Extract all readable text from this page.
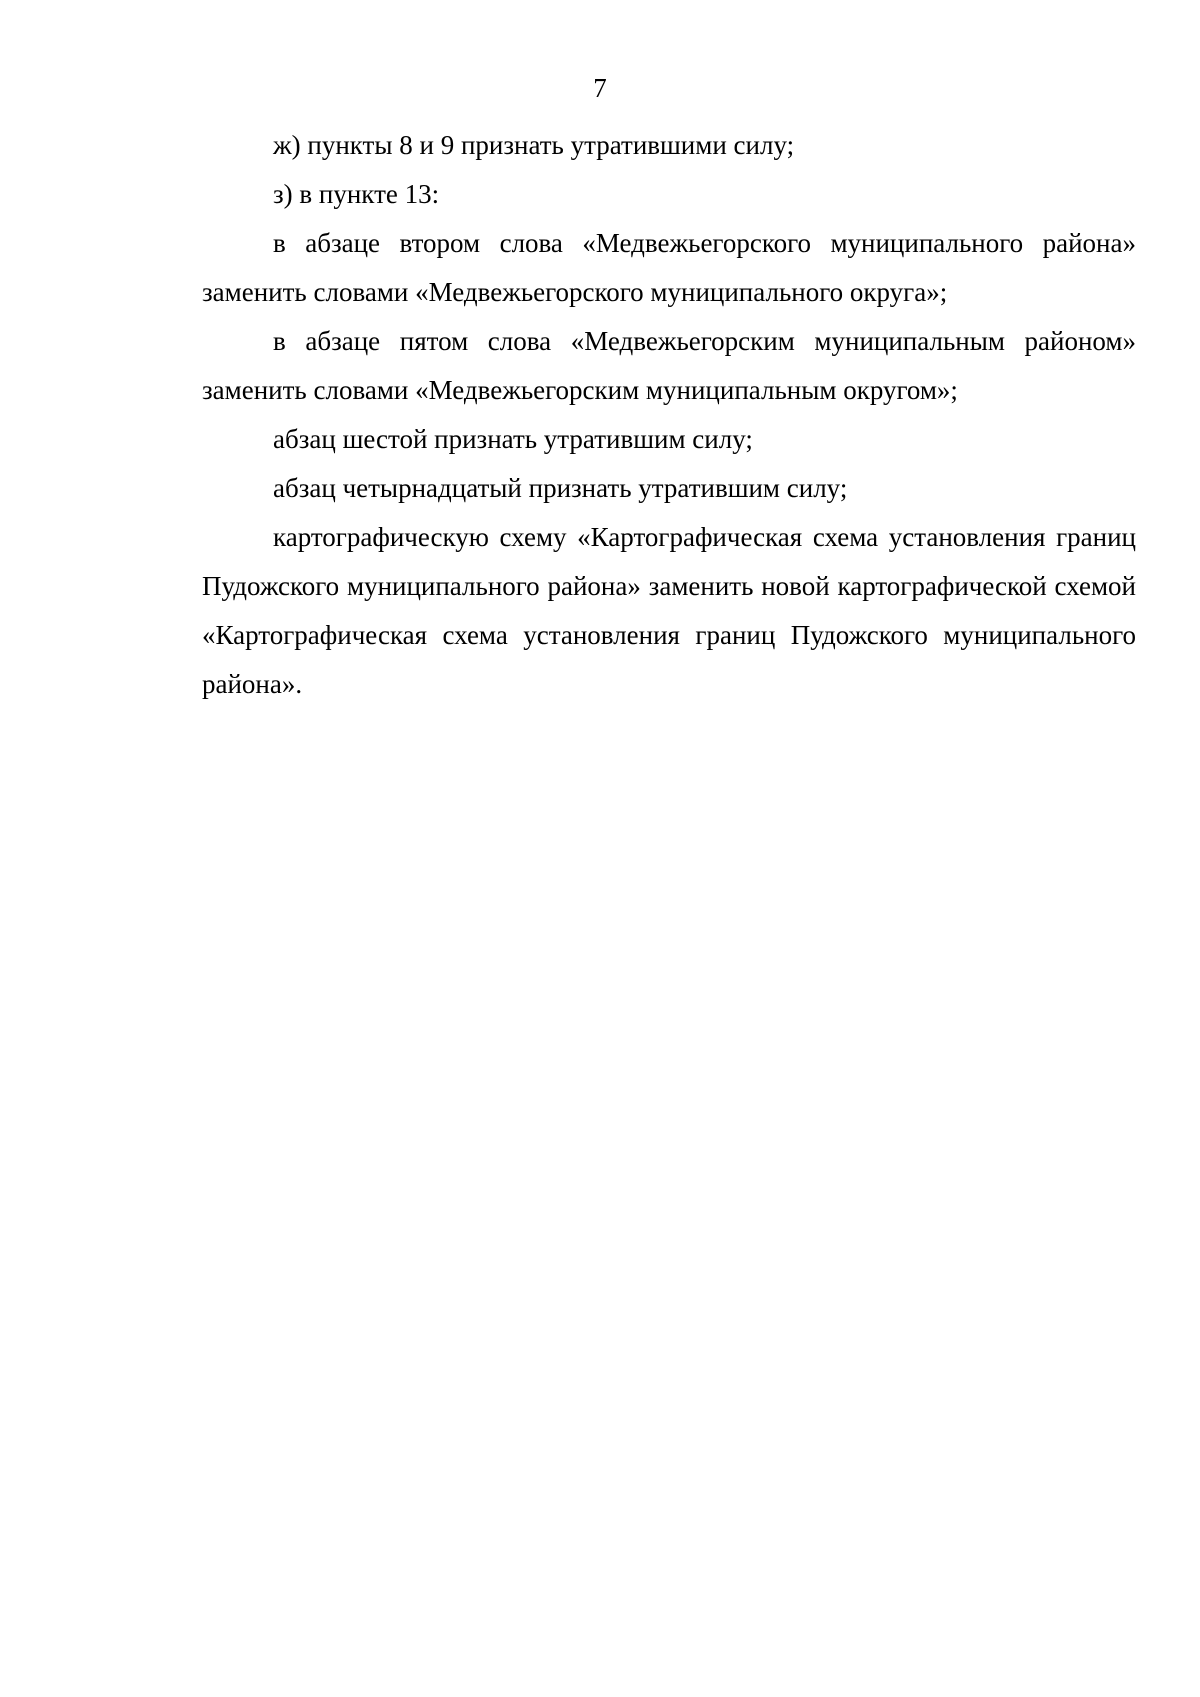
7

ж) пункты 8 и 9 признать утратившими силу;

з) в пункте 13:

в абзаце втором слова «Медвежьегорского муниципального района» заменить словами «Медвежьегорского муниципального округа»;

в абзаце пятом слова «Медвежьегорским муниципальным районом» заменить словами «Медвежьегорским муниципальным округом»;

абзац шестой признать утратившим силу;

абзац четырнадцатый признать утратившим силу;

картографическую схему «Картографическая схема установления границ Пудожского муниципального района» заменить новой картографической схемой «Картографическая схема установления границ Пудожского муниципального района».
